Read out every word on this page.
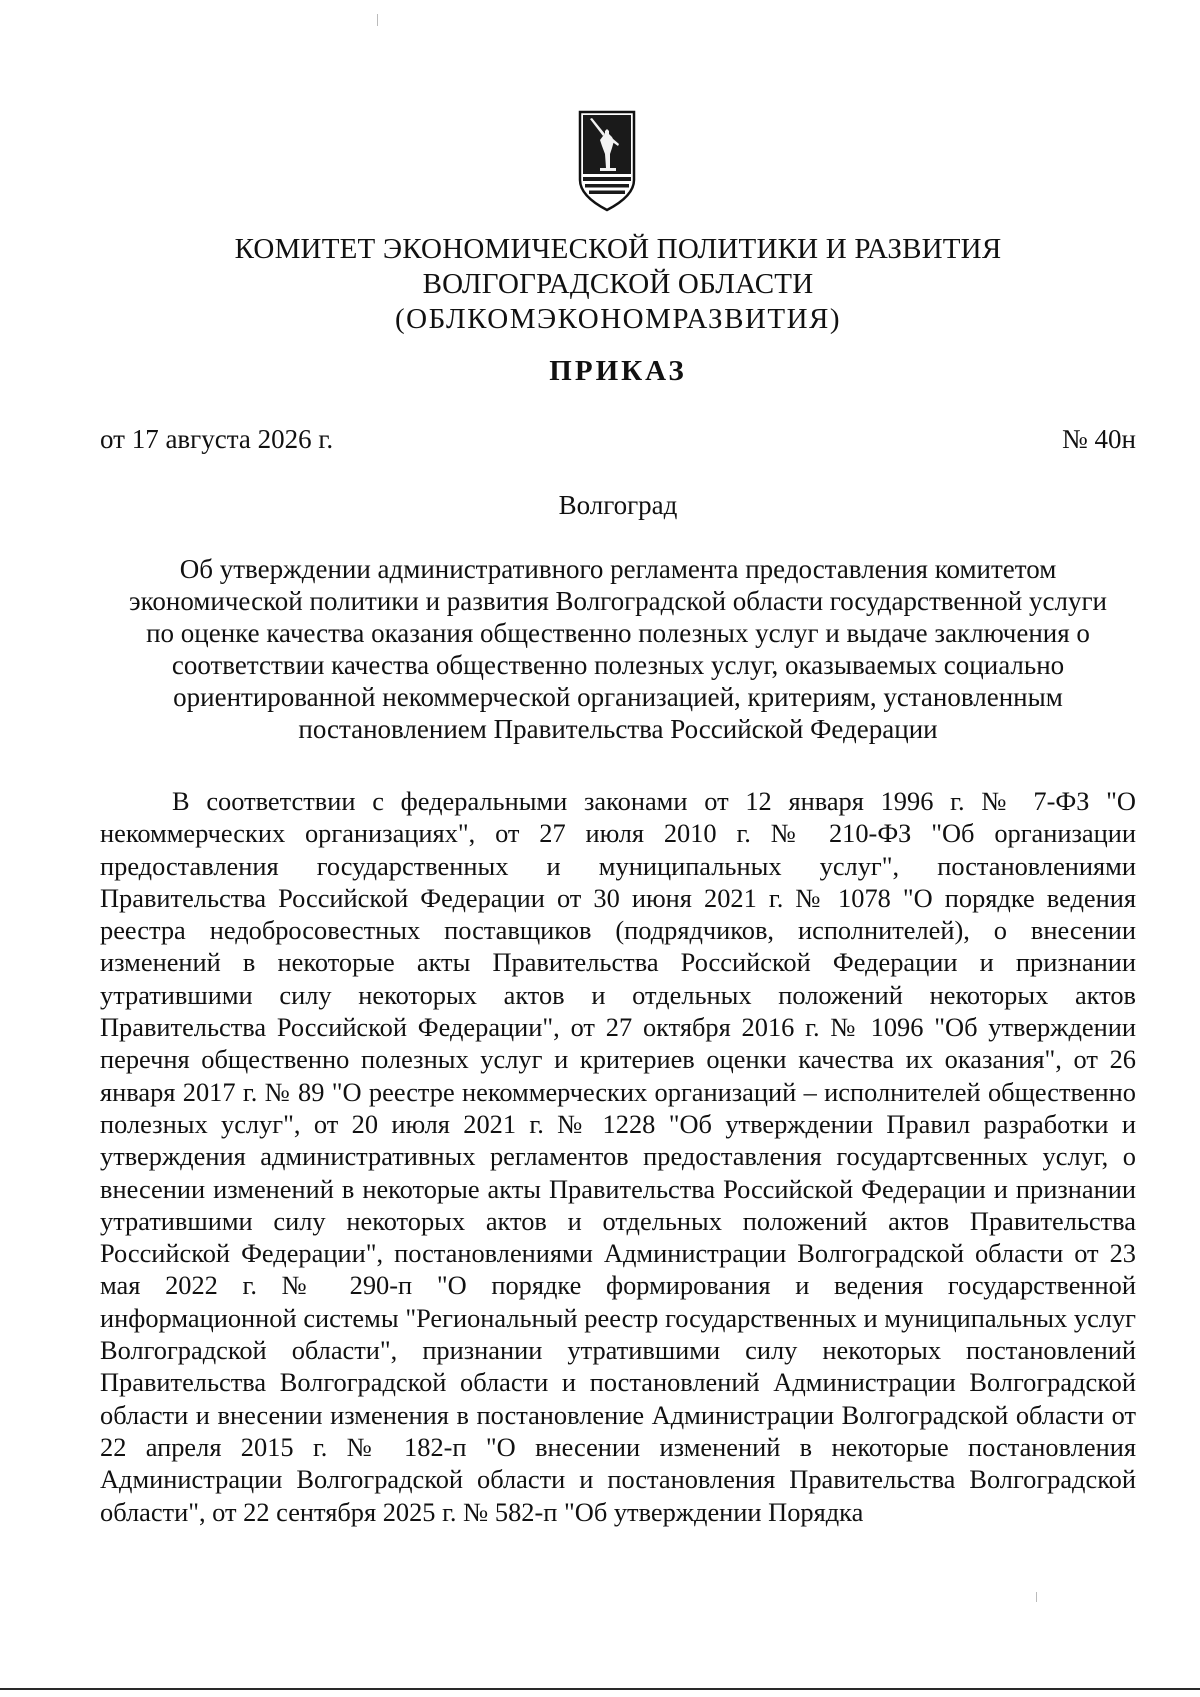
КОМИТЕТ ЭКОНОМИЧЕСКОЙ ПОЛИТИКИ И РАЗВИТИЯ
ВОЛГОГРАДСКОЙ ОБЛАСТИ
(ОБЛКОМЭКОНОМРАЗВИТИЯ)
ПРИКАЗ
от 17 августа 2026 г.	№ 40н
Волгоград
Об утверждении административного регламента предоставления комитетом экономической политики и развития Волгоградской области государственной услуги по оценке качества оказания общественно полезных услуг и выдаче заключения о соответствии качества общественно полезных услуг, оказываемых социально ориентированной некоммерческой организацией, критериям, установленным постановлением Правительства Российской Федерации
В соответствии с федеральными законами от 12 января 1996 г. № 7-ФЗ "О некоммерческих организациях", от 27 июля 2010 г. № 210-ФЗ "Об организации предоставления государственных и муниципальных услуг", постановлениями Правительства Российской Федерации от 30 июня 2021 г. № 1078 "О порядке ведения реестра недобросовестных поставщиков (подрядчиков, исполнителей), о внесении изменений в некоторые акты Правительства Российской Федерации и признании утратившими силу некоторых актов и отдельных положений некоторых актов Правительства Российской Федерации", от 27 октября 2016 г. № 1096 "Об утверждении перечня общественно полезных услуг и критериев оценки качества их оказания", от 26 января 2017 г. № 89 "О реестре некоммерческих организаций – исполнителей общественно полезных услуг", от 20 июля 2021 г. № 1228 "Об утверждении Правил разработки и утверждения административных регламентов предоставления государтсвенных услуг, о внесении изменений в некоторые акты Правительства Российской Федерации и признании утратившими силу некоторых актов и отдельных положений актов Правительства Российской Федерации", постановлениями Администрации Волгоградской области от 23 мая 2022 г. № 290-п "О порядке формирования и ведения государственной информационной системы "Региональный реестр государственных и муниципальных услуг Волгоградской области", признании утратившими силу некоторых постановлений Правительства Волгоградской области и постановлений Администрации Волгоградской области и внесении изменения в постановление Администрации Волгоградской области от 22 апреля 2015 г. № 182-п "О внесении изменений в некоторые постановления Администрации Волгоградской области и постановления Правительства Волгоградской области", от 22 сентября 2025 г. № 582-п "Об утверждении Порядка
